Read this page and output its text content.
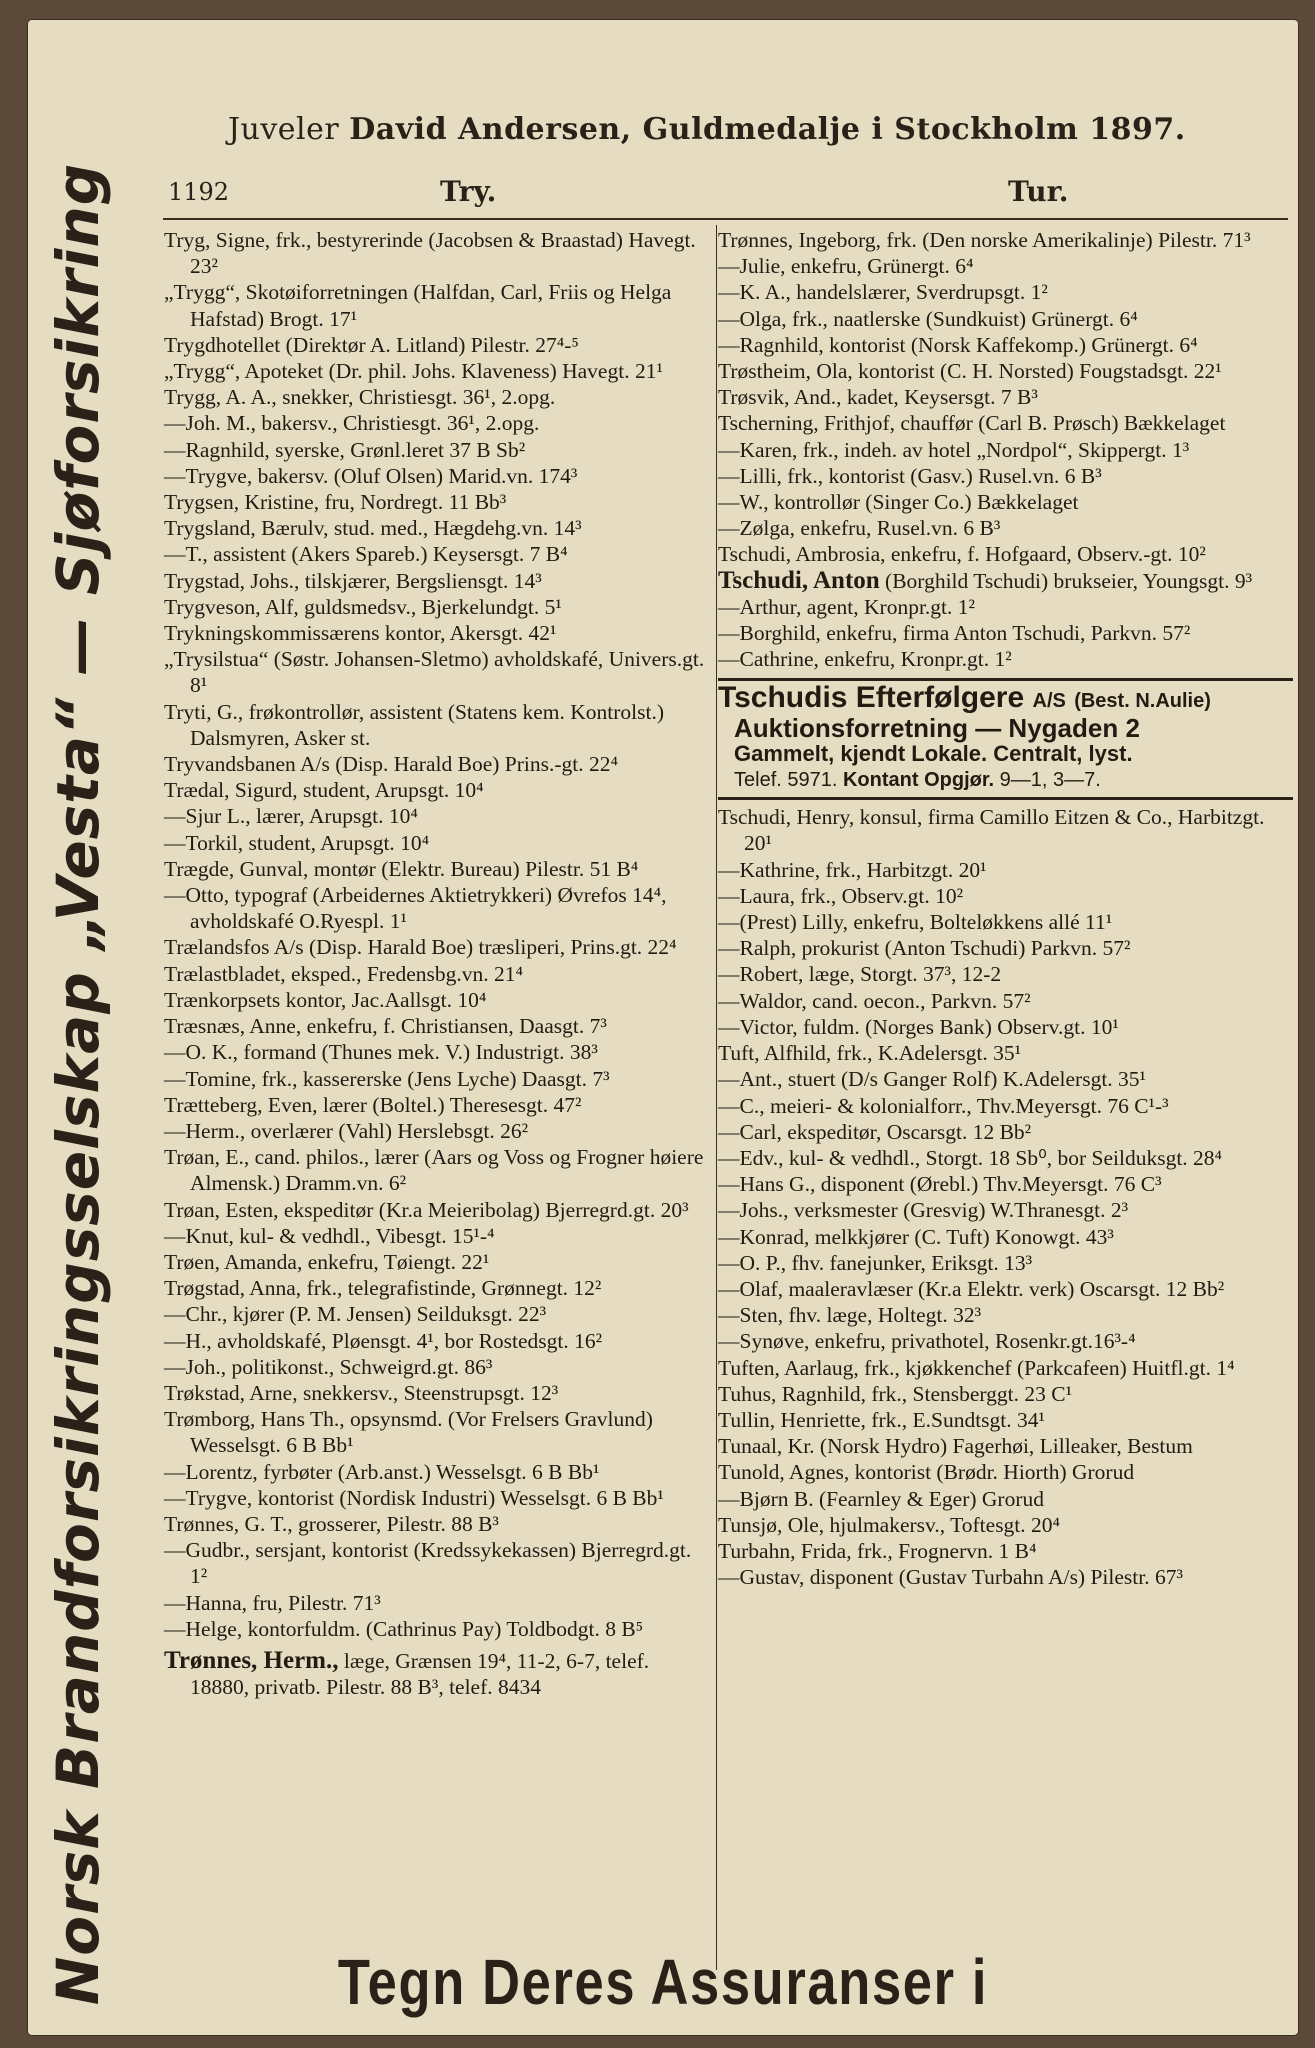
Norsk Brandforsikringsselskap „Vesta“ — Sjøforsikring
Juveler David Andersen, Guldmedalje i Stockholm 1897.
1192	Try.	Tur.

Tryg, Signe, frk., bestyrerinde (Jacobsen & Braastad) Havegt. 23²

„Trygg“, Skotøiforretningen (Halfdan, Carl, Friis og Helga Hafstad) Brogt. 17¹

Trygdhotellet (Direktør A. Litland) Pilestr. 27⁴-⁵

„Trygg“, Apoteket (Dr. phil. Johs. Klaveness) Havegt. 21¹

Trygg, A. A., snekker, Christiesgt. 36¹, 2.opg.

—Joh. M., bakersv., Christiesgt. 36¹, 2.opg.

—Ragnhild, syerske, Grønl.leret 37 B Sb²

—Trygve, bakersv. (Oluf Olsen) Marid.vn. 174³

Trygsen, Kristine, fru, Nordregt. 11 Bb³

Trygsland, Bærulv, stud. med., Hægdehg.vn. 14³

—T., assistent (Akers Spareb.) Keysersgt. 7 B⁴

Trygstad, Johs., tilskjærer, Bergsliensgt. 14³

Trygveson, Alf, guldsmedsv., Bjerkelundgt. 5¹

Trykningskommissærens kontor, Akersgt. 42¹

„Trysilstua“ (Søstr. Johansen-Sletmo) avholdskafé, Univers.gt. 8¹

Tryti, G., frøkontrollør, assistent (Statens kem. Kontrolst.) Dalsmyren, Asker st.

Tryvandsbanen A/s (Disp. Harald Boe) Prins.-gt. 22⁴

Trædal, Sigurd, student, Arupsgt. 10⁴

—Sjur L., lærer, Arupsgt. 10⁴

—Torkil, student, Arupsgt. 10⁴

Trægde, Gunval, montør (Elektr. Bureau) Pilestr. 51 B⁴

—Otto, typograf (Arbeidernes Aktietrykkeri) Øvrefos 14⁴, avholdskafé O.Ryespl. 1¹

Trælandsfos A/s (Disp. Harald Boe) træsliperi, Prins.gt. 22⁴

Trælastbladet, eksped., Fredensbg.vn. 21⁴

Trænkorpsets kontor, Jac.Aallsgt. 10⁴

Træsnæs, Anne, enkefru, f. Christiansen, Daasgt. 7³

—O. K., formand (Thunes mek. V.) Industrigt. 38³

—Tomine, frk., kassererske (Jens Lyche) Daasgt. 7³

Trætteberg, Even, lærer (Boltel.) Theresesgt. 47²

—Herm., overlærer (Vahl) Herslebsgt. 26²

Trøan, E., cand. philos., lærer (Aars og Voss og Frogner høiere Almensk.) Dramm.vn. 6²

Trøan, Esten, ekspeditør (Kr.a Meieribolag) Bjerregrd.gt. 20³

—Knut, kul- & vedhdl., Vibesgt. 15¹-⁴

Trøen, Amanda, enkefru, Tøiengt. 22¹

Trøgstad, Anna, frk., telegrafistinde, Grønnegt. 12²

—Chr., kjører (P. M. Jensen) Seilduksgt. 22³

—H., avholdskafé, Pløensgt. 4¹, bor Rostedsgt. 16²

—Joh., politikonst., Schweigrd.gt. 86³

Trøkstad, Arne, snekkersv., Steenstrupsgt. 12³

Trømborg, Hans Th., opsynsmd. (Vor Frelsers Gravlund) Wesselsgt. 6 B Bb¹

—Lorentz, fyrbøter (Arb.anst.) Wesselsgt. 6 B Bb¹

—Trygve, kontorist (Nordisk Industri) Wesselsgt. 6 B Bb¹

Trønnes, G. T., grosserer, Pilestr. 88 B³

—Gudbr., sersjant, kontorist (Kredssykekassen) Bjerregrd.gt. 1²

—Hanna, fru, Pilestr. 71³

—Helge, kontorfuldm. (Cathrinus Pay) Toldbodgt. 8 B⁵

Trønnes, Herm., læge, Grænsen 19⁴, 11-2, 6-7, telef. 18880, privatb. Pilestr. 88 B³, telef. 8434

Trønnes, Ingeborg, frk. (Den norske Amerikalinje) Pilestr. 71³

—Julie, enkefru, Grünergt. 6⁴

—K. A., handelslærer, Sverdrupsgt. 1²

—Olga, frk., naatlerske (Sundkuist) Grünergt. 6⁴

—Ragnhild, kontorist (Norsk Kaffekomp.) Grünergt. 6⁴

Trøstheim, Ola, kontorist (C. H. Norsted) Fougstadsgt. 22¹

Trøsvik, And., kadet, Keysersgt. 7 B³

Tscherning, Frithjof, chauffør (Carl B. Prøsch) Bækkelaget

—Karen, frk., indeh. av hotel „Nordpol“, Skippergt. 1³

—Lilli, frk., kontorist (Gasv.) Rusel.vn. 6 B³

—W., kontrollør (Singer Co.) Bækkelaget

—Zølga, enkefru, Rusel.vn. 6 B³

Tschudi, Ambrosia, enkefru, f. Hofgaard, Observ.-gt. 10²

Tschudi, Anton (Borghild Tschudi) brukseier, Youngsgt. 9³

—Arthur, agent, Kronpr.gt. 1²

—Borghild, enkefru, firma Anton Tschudi, Parkvn. 57²

—Cathrine, enkefru, Kronpr.gt. 1²

Tschudis Efterfølgere A/S (Best. N.Aulie)
Auktionsforretning — Nygaden 2
Gammelt, kjendt Lokale. Centralt, lyst.
Telef. 5971. Kontant Opgjør. 9—1, 3—7.

Tschudi, Henry, konsul, firma Camillo Eitzen & Co., Harbitzgt. 20¹

—Kathrine, frk., Harbitzgt. 20¹

—Laura, frk., Observ.gt. 10²

—(Prest) Lilly, enkefru, Bolteløkkens allé 11¹

—Ralph, prokurist (Anton Tschudi) Parkvn. 57²

—Robert, læge, Storgt. 37³, 12-2

—Waldor, cand. oecon., Parkvn. 57²

—Victor, fuldm. (Norges Bank) Observ.gt. 10¹

Tuft, Alfhild, frk., K.Adelersgt. 35¹

—Ant., stuert (D/s Ganger Rolf) K.Adelersgt. 35¹

—C., meieri- & kolonialforr., Thv.Meyersgt. 76 C¹-³

—Carl, ekspeditør, Oscarsgt. 12 Bb²

—Edv., kul- & vedhdl., Storgt. 18 Sb⁰, bor Seilduksgt. 28⁴

—Hans G., disponent (Ørebl.) Thv.Meyersgt. 76 C³

—Johs., verksmester (Gresvig) W.Thranesgt. 2³

—Konrad, melkkjører (C. Tuft) Konowgt. 43³

—O. P., fhv. fanejunker, Eriksgt. 13³

—Olaf, maaleravlæser (Kr.a Elektr. verk) Oscarsgt. 12 Bb²

—Sten, fhv. læge, Holtegt. 32³

—Synøve, enkefru, privathotel, Rosenkr.gt.16³-⁴

Tuften, Aarlaug, frk., kjøkkenchef (Parkcafeen) Huitfl.gt. 1⁴

Tuhus, Ragnhild, frk., Stensberggt. 23 C¹

Tullin, Henriette, frk., E.Sundtsgt. 34¹

Tunaal, Kr. (Norsk Hydro) Fagerhøi, Lilleaker, Bestum

Tunold, Agnes, kontorist (Brødr. Hiorth) Grorud

—Bjørn B. (Fearnley & Eger) Grorud

Tunsjø, Ole, hjulmakersv., Toftesgt. 20⁴

Turbahn, Frida, frk., Frognervn. 1 B⁴

—Gustav, disponent (Gustav Turbahn A/s) Pilestr. 67³

Tegn Deres Assuranser i
